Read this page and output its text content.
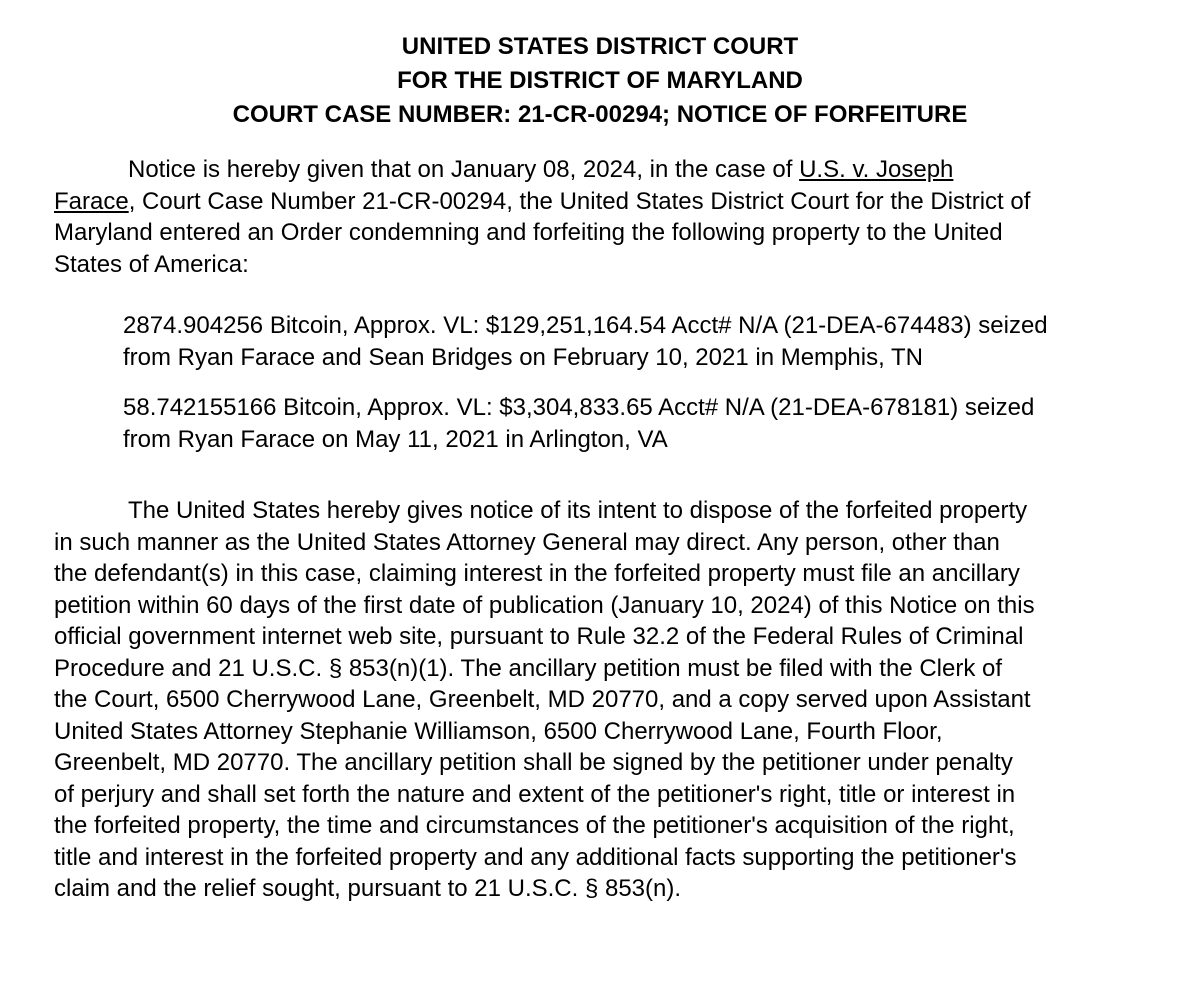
UNITED STATES DISTRICT COURT

FOR THE DISTRICT OF MARYLAND

COURT CASE NUMBER: 21-CR-00294; NOTICE OF FORFEITURE

Notice is hereby given that on January 08, 2024, in the case of U.S. v. Joseph Farace, Court Case Number 21-CR-00294, the United States District Court for the District of Maryland entered an Order condemning and forfeiting the following property to the United States of America:

2874.904256 Bitcoin, Approx. VL: $129,251,164.54 Acct# N/A (21-DEA-674483) seized from Ryan Farace and Sean Bridges on February 10, 2021 in Memphis, TN
58.742155166 Bitcoin, Approx. VL: $3,304,833.65 Acct# N/A (21-DEA-678181) seized from Ryan Farace on May 11, 2021 in Arlington, VA

The United States hereby gives notice of its intent to dispose of the forfeited property in such manner as the United States Attorney General may direct. Any person, other than the defendant(s) in this case, claiming interest in the forfeited property must file an ancillary petition within 60 days of the first date of publication (January 10, 2024) of this Notice on this official government internet web site, pursuant to Rule 32.2 of the Federal Rules of Criminal Procedure and 21 U.S.C. § 853(n)(1). The ancillary petition must be filed with the Clerk of the Court, 6500 Cherrywood Lane, Greenbelt, MD 20770, and a copy served upon Assistant United States Attorney Stephanie Williamson, 6500 Cherrywood Lane, Fourth Floor, Greenbelt, MD 20770. The ancillary petition shall be signed by the petitioner under penalty of perjury and shall set forth the nature and extent of the petitioner's right, title or interest in the forfeited property, the time and circumstances of the petitioner's acquisition of the right, title and interest in the forfeited property and any additional facts supporting the petitioner's claim and the relief sought, pursuant to 21 U.S.C. § 853(n).
